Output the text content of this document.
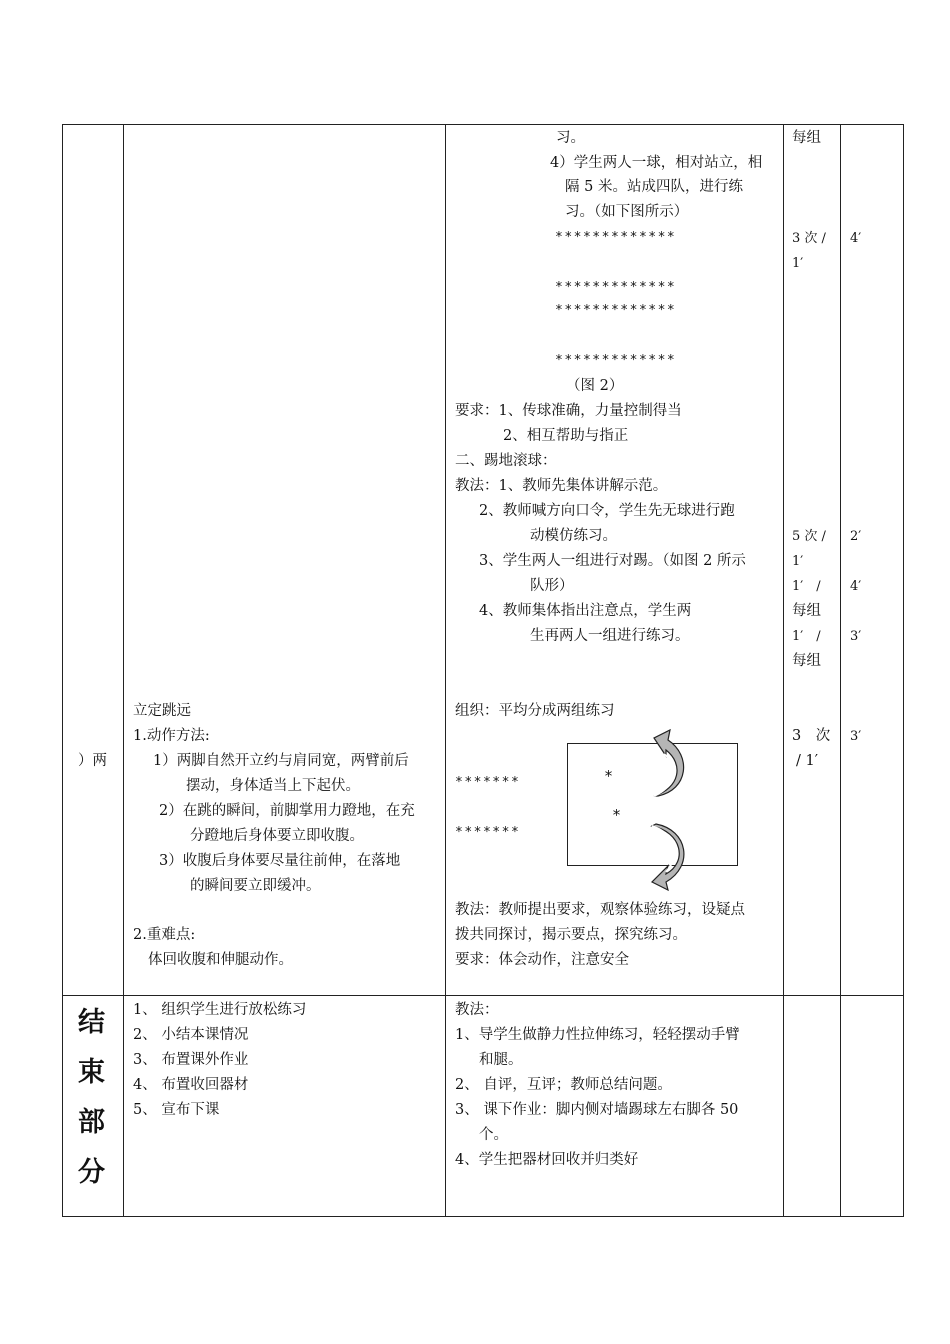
）两
习。
4）学生两人一球，相对站立，相
隔 5 米。站成四队，进行练
习。（如下图所示）
*************
*************
*************
*************
（图 2）
要求：1、传球准确，力量控制得当
2、相互帮助与指正
二、踢地滚球：
教法：1、教师先集体讲解示范。
2、教师喊方向口令，学生先无球进行跑
动模仿练习。
3、学生两人一组进行对踢。（如图 2 所示
队形）
4、教师集体指出注意点，学生两
生再两人一组进行练习。
组织：平均分成两组练习
*******
*******
*
*
教法：教师提出要求，观察体验练习，设疑点
拨共同探讨，揭示要点，探究练习。
要求：体会动作，注意安全
立定跳远
1.动作方法:
1）两脚自然开立约与肩同宽，两臂前后
摆动，身体适当上下起伏。
2）在跳的瞬间，前脚掌用力蹬地，在充
分蹬地后身体要立即收腹。
3）收腹后身体要尽量往前伸，在落地
的瞬间要立即缓冲。
2.重难点:
体回收腹和伸腿动作。
每组
3 次 /
1′
5 次 /
1′
1′　/
每组
1′　/
每组
3　次
/ 1′
4′
2′
4′
3′
3′
结
束
部
分
1、 组织学生进行放松练习
2、 小结本课情况
3、 布置课外作业
4、 布置收回器材
5、 宣布下课
教法：
1、导学生做静力性拉伸练习，轻轻摆动手臂
和腿。
2、 自评，互评；教师总结问题。
3、 课下作业：脚内侧对墙踢球左右脚各 50
个。
4、学生把器材回收并归类好
